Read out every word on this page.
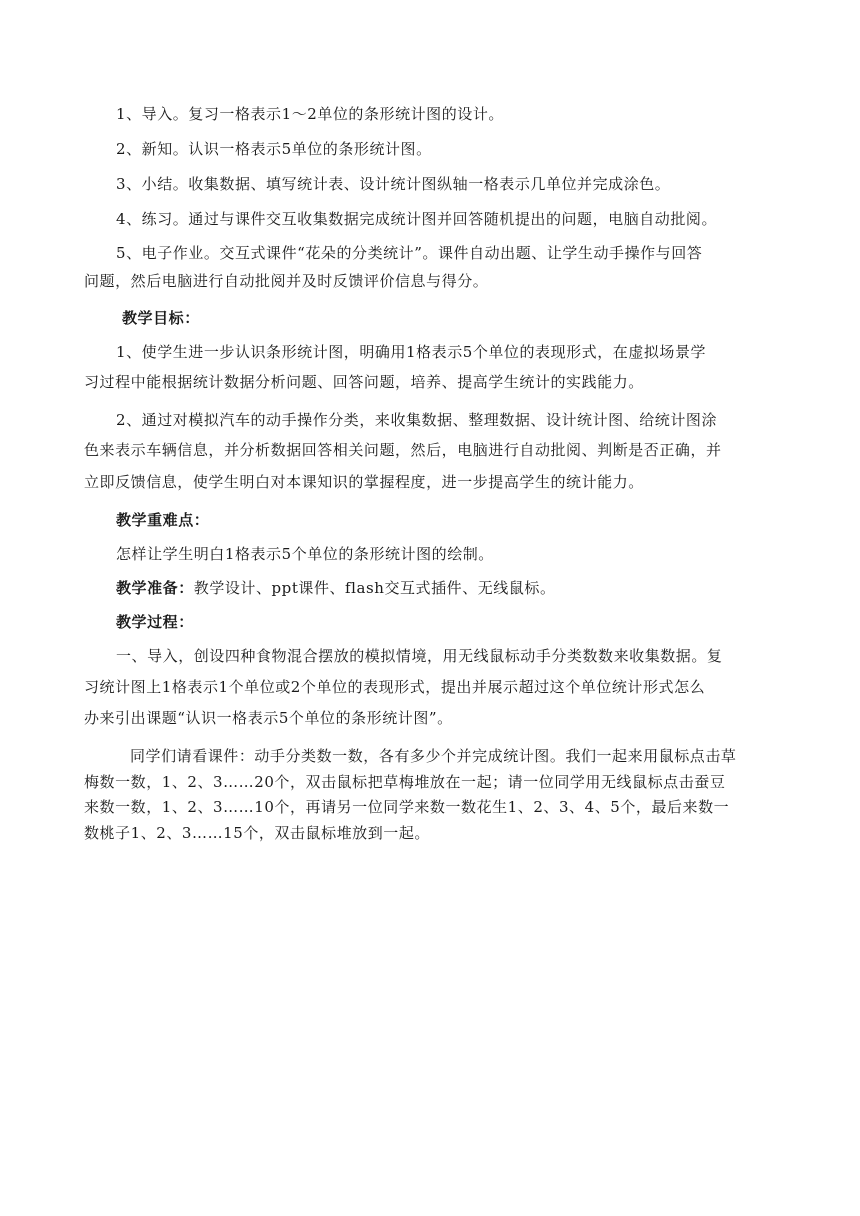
1、导入。复习一格表示1～2单位的条形统计图的设计。
2、新知。认识一格表示5单位的条形统计图。
3、小结。收集数据、填写统计表、设计统计图纵轴一格表示几单位并完成涂色。
4、练习。通过与课件交互收集数据完成统计图并回答随机提出的问题，电脑自动批阅。
5、电子作业。交互式课件“花朵的分类统计”。课件自动出题、让学生动手操作与回答
问题，然后电脑进行自动批阅并及时反馈评价信息与得分。
教学目标：
1、使学生进一步认识条形统计图，明确用1格表示5个单位的表现形式，在虚拟场景学
习过程中能根据统计数据分析问题、回答问题，培养、提高学生统计的实践能力。
2、通过对模拟汽车的动手操作分类，来收集数据、整理数据、设计统计图、给统计图涂
色来表示车辆信息，并分析数据回答相关问题，然后，电脑进行自动批阅、判断是否正确，并
立即反馈信息，使学生明白对本课知识的掌握程度，进一步提高学生的统计能力。
教学重难点：
怎样让学生明白1格表示5个单位的条形统计图的绘制。
教学准备：教学设计、ppt课件、flash交互式插件、无线鼠标。
教学过程：
一、导入，创设四种食物混合摆放的模拟情境，用无线鼠标动手分类数数来收集数据。复
习统计图上1格表示1个单位或2个单位的表现形式，提出并展示超过这个单位统计形式怎么
办来引出课题“认识一格表示5个单位的条形统计图”。
同学们请看课件：动手分类数一数，各有多少个并完成统计图。我们一起来用鼠标点击草
梅数一数，1、2、3……20个，双击鼠标把草梅堆放在一起；请一位同学用无线鼠标点击蚕豆
来数一数，1、2、3……10个，再请另一位同学来数一数花生1、2、3、4、5个，最后来数一
数桃子1、2、3……15个，双击鼠标堆放到一起。
